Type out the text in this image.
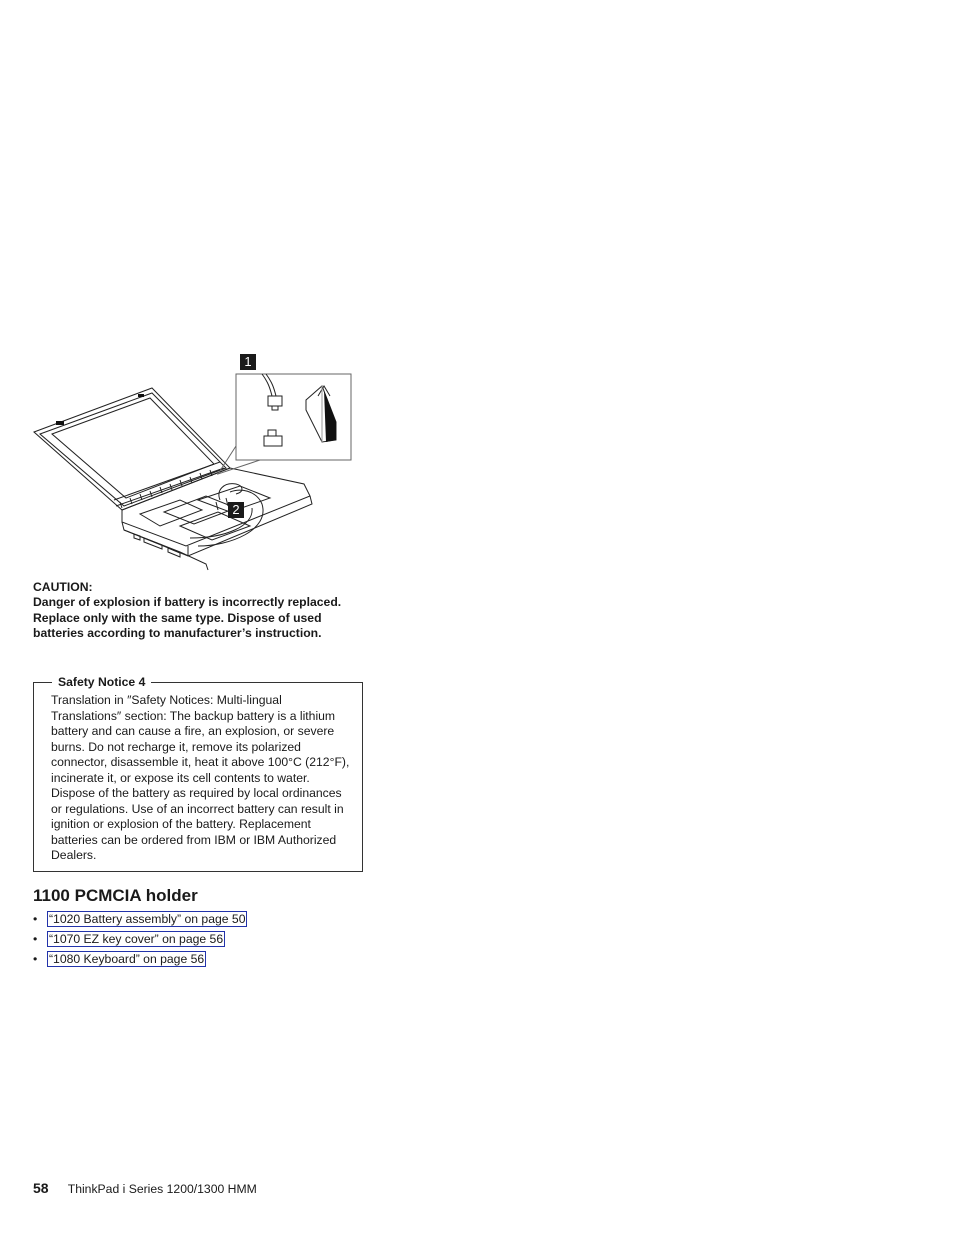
1
2

CAUTION:

Danger of explosion if battery is incorrectly replaced. Replace only with the same type. Dispose of used batteries according to manufacturer’s instruction.

Safety Notice 4

Translation in ″Safety Notices: Multi-lingual Translations″ section: The backup battery is a lithium battery and can cause a fire, an explosion, or severe burns. Do not recharge it, remove its polarized connector, disassemble it, heat it above 100°C (212°F), incinerate it, or expose its cell contents to water. Dispose of the battery as required by local ordinances or regulations. Use of an incorrect battery can result in ignition or explosion of the battery. Replacement batteries can be ordered from IBM or IBM Authorized Dealers.

1100 PCMCIA holder
• “1020 Battery assembly” on page 50
• “1070 EZ key cover” on page 56
• “1080 Keyboard” on page 56
58 ThinkPad i Series 1200/1300 HMM
